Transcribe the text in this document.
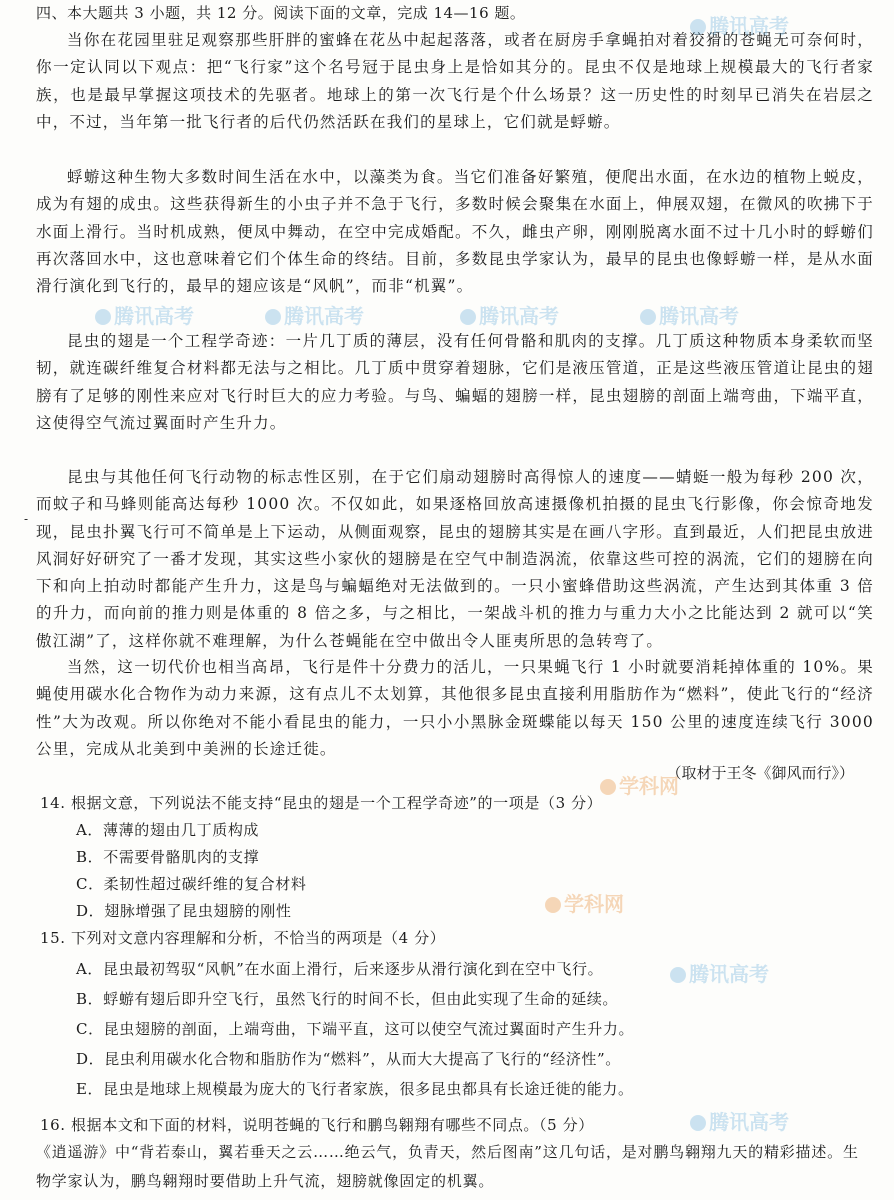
四、本大题共 3 小题，共 12 分。阅读下面的文章，完成 14—16 题。

当你在花园里驻足观察那些肝胖的蜜蜂在花丛中起起落落，或者在厨房手拿蝇拍对着狡猾的苍蝇无可奈何时，你一定认同以下观点：把“飞行家”这个名号冠于昆虫身上是恰如其分的。昆虫不仅是地球上规模最大的飞行者家族，也是最早掌握这项技术的先驱者。地球上的第一次飞行是个什么场景？这一历史性的时刻早已消失在岩层之中，不过，当年第一批飞行者的后代仍然活跃在我们的星球上，它们就是蜉蝣。

蜉蝣这种生物大多数时间生活在水中，以藻类为食。当它们准备好繁殖，便爬出水面，在水边的植物上蜕皮，成为有翅的成虫。这些获得新生的小虫子并不急于飞行，多数时候会聚集在水面上，伸展双翅，在微风的吹拂下于水面上滑行。当时机成熟，便凤中舞动，在空中完成婚配。不久，雌虫产卵，刚刚脱离水面不过十几小时的蜉蝣们再次落回水中，这也意味着它们个体生命的终结。目前，多数昆虫学家认为，最早的昆虫也像蜉蝣一样，是从水面滑行演化到飞行的，最早的翅应该是“风帆”，而非“机翼”。

昆虫的翅是一个工程学奇迹：一片几丁质的薄层，没有任何骨骼和肌肉的支撑。几丁质这种物质本身柔软而坚韧，就连碳纤维复合材料都无法与之相比。几丁质中贯穿着翅脉，它们是液压管道，正是这些液压管道让昆虫的翅膀有了足够的刚性来应对飞行时巨大的应力考验。与鸟、蝙蝠的翅膀一样，昆虫翅膀的剖面上端弯曲，下端平直，这使得空气流过翼面时产生升力。

昆虫与其他任何飞行动物的标志性区别，在于它们扇动翅膀时高得惊人的速度——蜻蜓一般为每秒 200 次，而蚊子和马蜂则能高达每秒 1000 次。不仅如此，如果逐格回放高速摄像机拍摄的昆虫飞行影像，你会惊奇地发现，昆虫扑翼飞行可不简单是上下运动，从侧面观察，昆虫的翅膀其实是在画八字形。直到最近，人们把昆虫放进风洞好好研究了一番才发现，其实这些小家伙的翅膀是在空气中制造涡流，依靠这些可控的涡流，它们的翅膀在向下和向上拍动时都能产生升力，这是鸟与蝙蝠绝对无法做到的。一只小蜜蜂借助这些涡流，产生达到其体重 3 倍的升力，而向前的推力则是体重的 8 倍之多，与之相比，一架战斗机的推力与重力大小之比能达到 2 就可以“笑傲江湖”了，这样你就不难理解，为什么苍蝇能在空中做出令人匪夷所思的急转弯了。

当然，这一切代价也相当高昂，飞行是件十分费力的活儿，一只果蝇飞行 1 小时就要消耗掉体重的 10%。果蝇使用碳水化合物作为动力来源，这有点儿不太划算，其他很多昆虫直接利用脂肪作为“燃料”，使此飞行的“经济性”大为改观。所以你绝对不能小看昆虫的能力，一只小小黑脉金斑蝶能以每天 150 公里的速度连续飞行 3000 公里，完成从北美到中美洲的长途迁徙。

-
（取材于王冬《御风而行》）
14. 根据文意，下列说法不能支持“昆虫的翅是一个工程学奇迹”的一项是（3 分）
A．薄薄的翅由几丁质构成
B．不需要骨骼肌肉的支撑
C．柔韧性超过碳纤维的复合材料
D．翅脉增强了昆虫翅膀的刚性
15. 下列对文意内容理解和分析，不恰当的两项是（4 分）
A．昆虫最初驾驭“风帆”在水面上滑行，后来逐步从滑行演化到在空中飞行。
B．蜉蝣有翅后即升空飞行，虽然飞行的时间不长，但由此实现了生命的延续。
C．昆虫翅膀的剖面，上端弯曲，下端平直，这可以使空气流过翼面时产生升力。
D．昆虫利用碳水化合物和脂肪作为“燃料”，从而大大提高了飞行的“经济性”。
E．昆虫是地球上规模最为庞大的飞行者家族，很多昆虫都具有长途迁徙的能力。
16. 根据本文和下面的材料，说明苍蝇的飞行和鹏鸟翱翔有哪些不同点。（5 分）

《逍遥游》中“背若泰山，翼若垂天之云……绝云气，负青天，然后图南”这几句话，是对鹏鸟翱翔九天的精彩描述。生物学家认为，鹏鸟翱翔时要借助上升气流，翅膀就像固定的机翼。

腾讯高考
腾讯高考	腾讯高考	腾讯高考	腾讯高考
学科网
学科网
腾讯高考
腾讯高考
